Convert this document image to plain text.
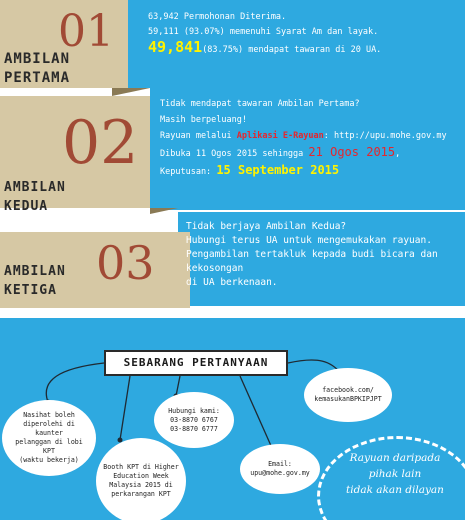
01
AMBILAN
PERTAMA
02
AMBILAN
KEDUA
03
AMBILAN
KETIGA
63,942 Permohonan Diterima.
59,111 (93.07%) memenuhi Syarat Am dan layak.
49,841(83.75%) mendapat tawaran di 20 UA.
Tidak mendapat tawaran Ambilan Pertama?
Masih berpeluang!
Rayuan melalui Aplikasi E-Rayuan: http://upu.mohe.gov.my
Dibuka 11 Ogos 2015 sehingga 21 Ogos 2015,
Keputusan: 15 September 2015
Tidak berjaya Ambilan Kedua?
Hubungi terus UA untuk mengemukakan rayuan.
Pengambilan tertakluk kepada budi bicara dan kekosongan
di UA berkenaan.
SEBARANG PERTANYAAN
Nasihat boleh
diperolehi di kaunter
pelanggan di lobi KPT
(waktu bekerja)
Booth KPT di Higher
Education Week
Malaysia 2015 di
perkarangan KPT
Hubungi kami:
03-8870 6767
03-8870 6777
Email:
upu@mohe.gov.my
facebook.com/
kemasukanBPKIPJPT
Rayuan daripada
pihak lain
tidak akan dilayan
